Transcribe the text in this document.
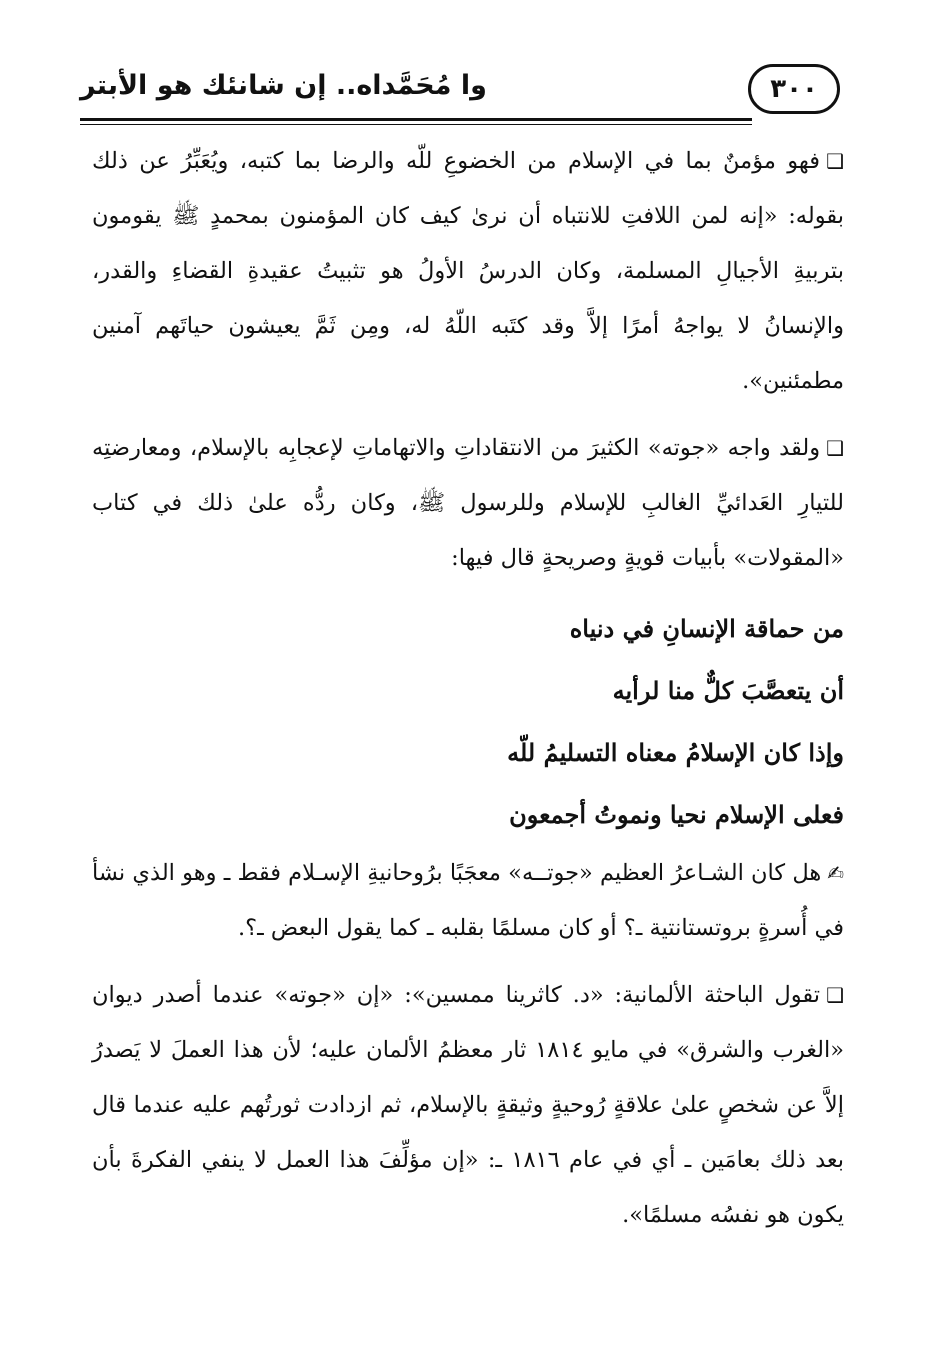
٣٠٠
وا مُحَمَّداه.. إن شانئك هو الأبتر

❑فهو مؤمنٌ بما في الإسلام من الخضوعِ للّه والرضا بما كتبه، ويُعَبِّرُ عن ذلك بقوله: «إنه لمن اللافتِ للانتباه أن نرىٰ كيف كان المؤمنون بمحمدٍ ﷺ يقومون بتربيةِ الأجيالِ المسلمة، وكان الدرسُ الأولُ هو تثبيتُ عقيدةِ القضاءِ والقدر، والإنسانُ لا يواجهُ أمرًا إلاَّ وقد كتَبه اللّهُ له، ومِن ثَمَّ يعيشون حياتَهم آمنين مطمئنين».

❑ولقد واجه «جوته» الكثيرَ من الانتقاداتِ والاتهاماتِ لإعجابِه بالإسلام، ومعارضتِه للتيارِ العَدائيِّ الغالبِ للإسلام وللرسول ﷺ، وكان ردُّه علىٰ ذلك في كتاب «المقولات» بأبيات قويةٍ وصريحةٍ قال فيها:

من حماقة الإنسانِ في دنياه
أن يتعصَّبَ كلٌّ منا لرأيه
وإذا كان الإسلامُ معناه التسليمُ للّه
فعلى الإسلام نحيا ونموتُ أجمعون

✍هل كان الشـاعرُ العظيم «جوتــه» معجَبًا برُوحانيةِ الإسـلام فقط ـ وهو الذي نشأ في أُسرةٍ بروتستانتية ـ؟ أو كان مسلمًا بقلبه ـ كما يقول البعض ـ؟.

❑تقول الباحثة الألمانية: «د. كاثرينا ممسين»: «إن «جوته» عندما أصدر ديوان «الغرب والشرق» في مايو ١٨١٤ ثار معظمُ الألمان عليه؛ لأن هذا العملَ لا يَصدرُ إلاَّ عن شخصٍ علىٰ علاقةٍ رُوحيةٍ وثيقةٍ بالإسلام، ثم ازدادت ثورتُهم عليه عندما قال بعد ذلك بعامَين ـ أي في عام ١٨١٦ ـ: «إن مؤلِّفَ هذا العمل لا ينفي الفكرةَ بأن يكون هو نفسُه مسلمًا».
